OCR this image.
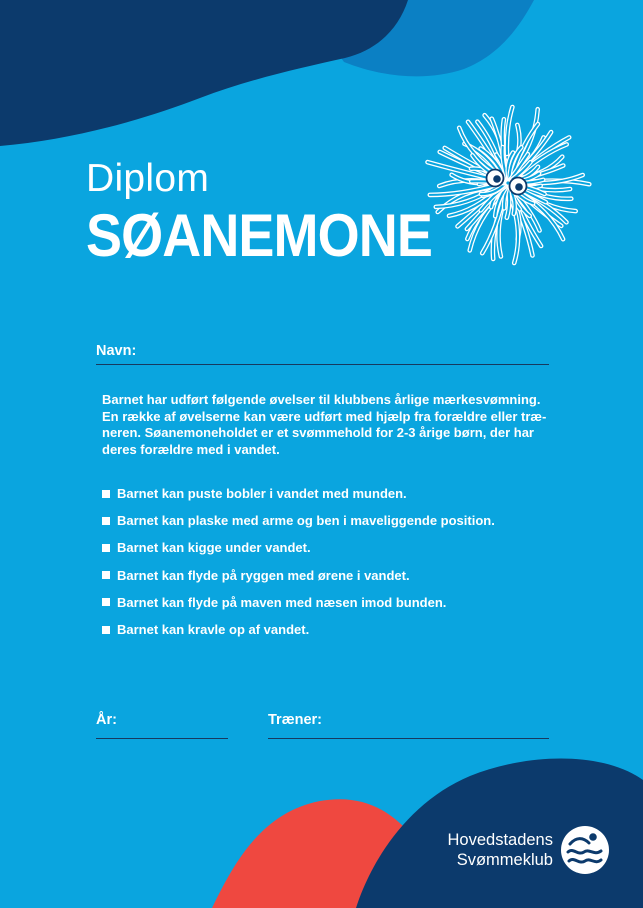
Diplom
SØANEMONE
Navn:
Barnet har udført følgende øvelser til klubbens årlige mærkesvømning.
En række af øvelserne kan være udført med hjælp fra forældre eller træ-
neren. Søanemoneholdet er et svømmehold for 2-3 årige børn, der har
deres forældre med i vandet.
Barnet kan puste bobler i vandet med munden.
Barnet kan plaske med arme og ben i maveliggende position.
Barnet kan kigge under vandet.
Barnet kan flyde på ryggen med ørene i vandet.
Barnet kan flyde på maven med næsen imod bunden.
Barnet kan kravle op af vandet.
År:	Træner:
Hovedstadens
Svømmeklub
